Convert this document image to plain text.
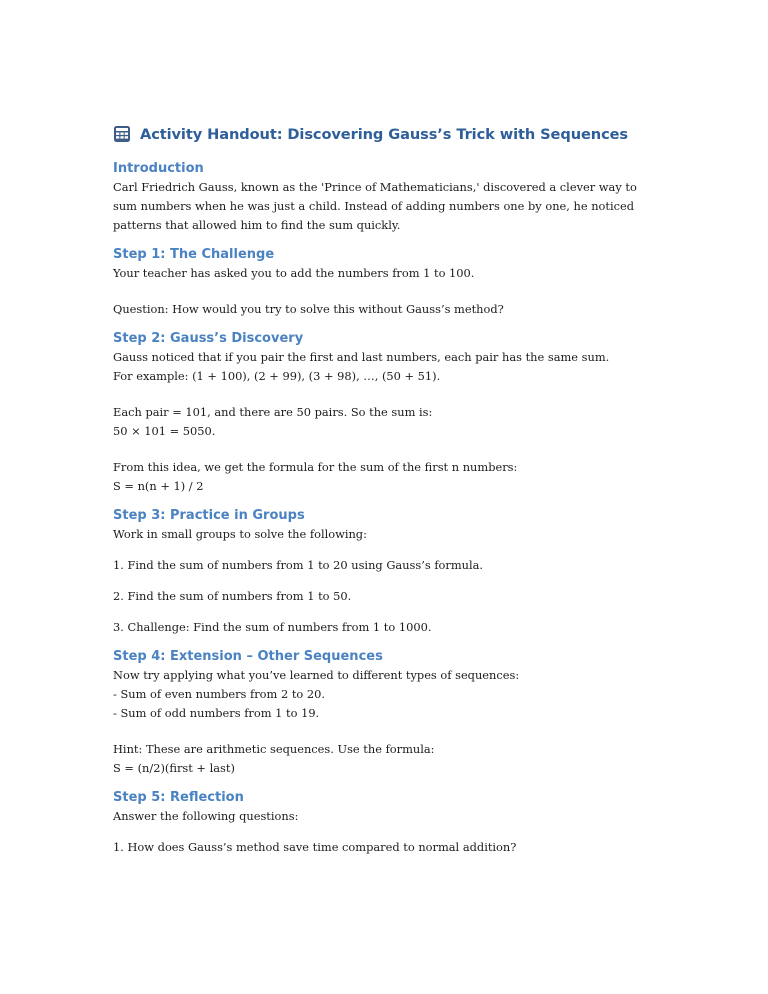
Activity Handout: Discovering Gauss’s Trick with Sequences
Introduction
Carl Friedrich Gauss, known as the 'Prince of Mathematicians,' discovered a clever way to
sum numbers when he was just a child. Instead of adding numbers one by one, he noticed
patterns that allowed him to find the sum quickly.
Step 1: The Challenge
Your teacher has asked you to add the numbers from 1 to 100.
Question: How would you try to solve this without Gauss’s method?
Step 2: Gauss’s Discovery
Gauss noticed that if you pair the first and last numbers, each pair has the same sum.
For example: (1 + 100), (2 + 99), (3 + 98), …, (50 + 51).
Each pair = 101, and there are 50 pairs. So the sum is:
50 × 101 = 5050.
From this idea, we get the formula for the sum of the first n numbers:
S = n(n + 1) / 2
Step 3: Practice in Groups
Work in small groups to solve the following:
1. Find the sum of numbers from 1 to 20 using Gauss’s formula.
2. Find the sum of numbers from 1 to 50.
3. Challenge: Find the sum of numbers from 1 to 1000.
Step 4: Extension – Other Sequences
Now try applying what you’ve learned to different types of sequences:
- Sum of even numbers from 2 to 20.
- Sum of odd numbers from 1 to 19.
Hint: These are arithmetic sequences. Use the formula:
S = (n/2)(first + last)
Step 5: Reflection
Answer the following questions:
1. How does Gauss’s method save time compared to normal addition?
